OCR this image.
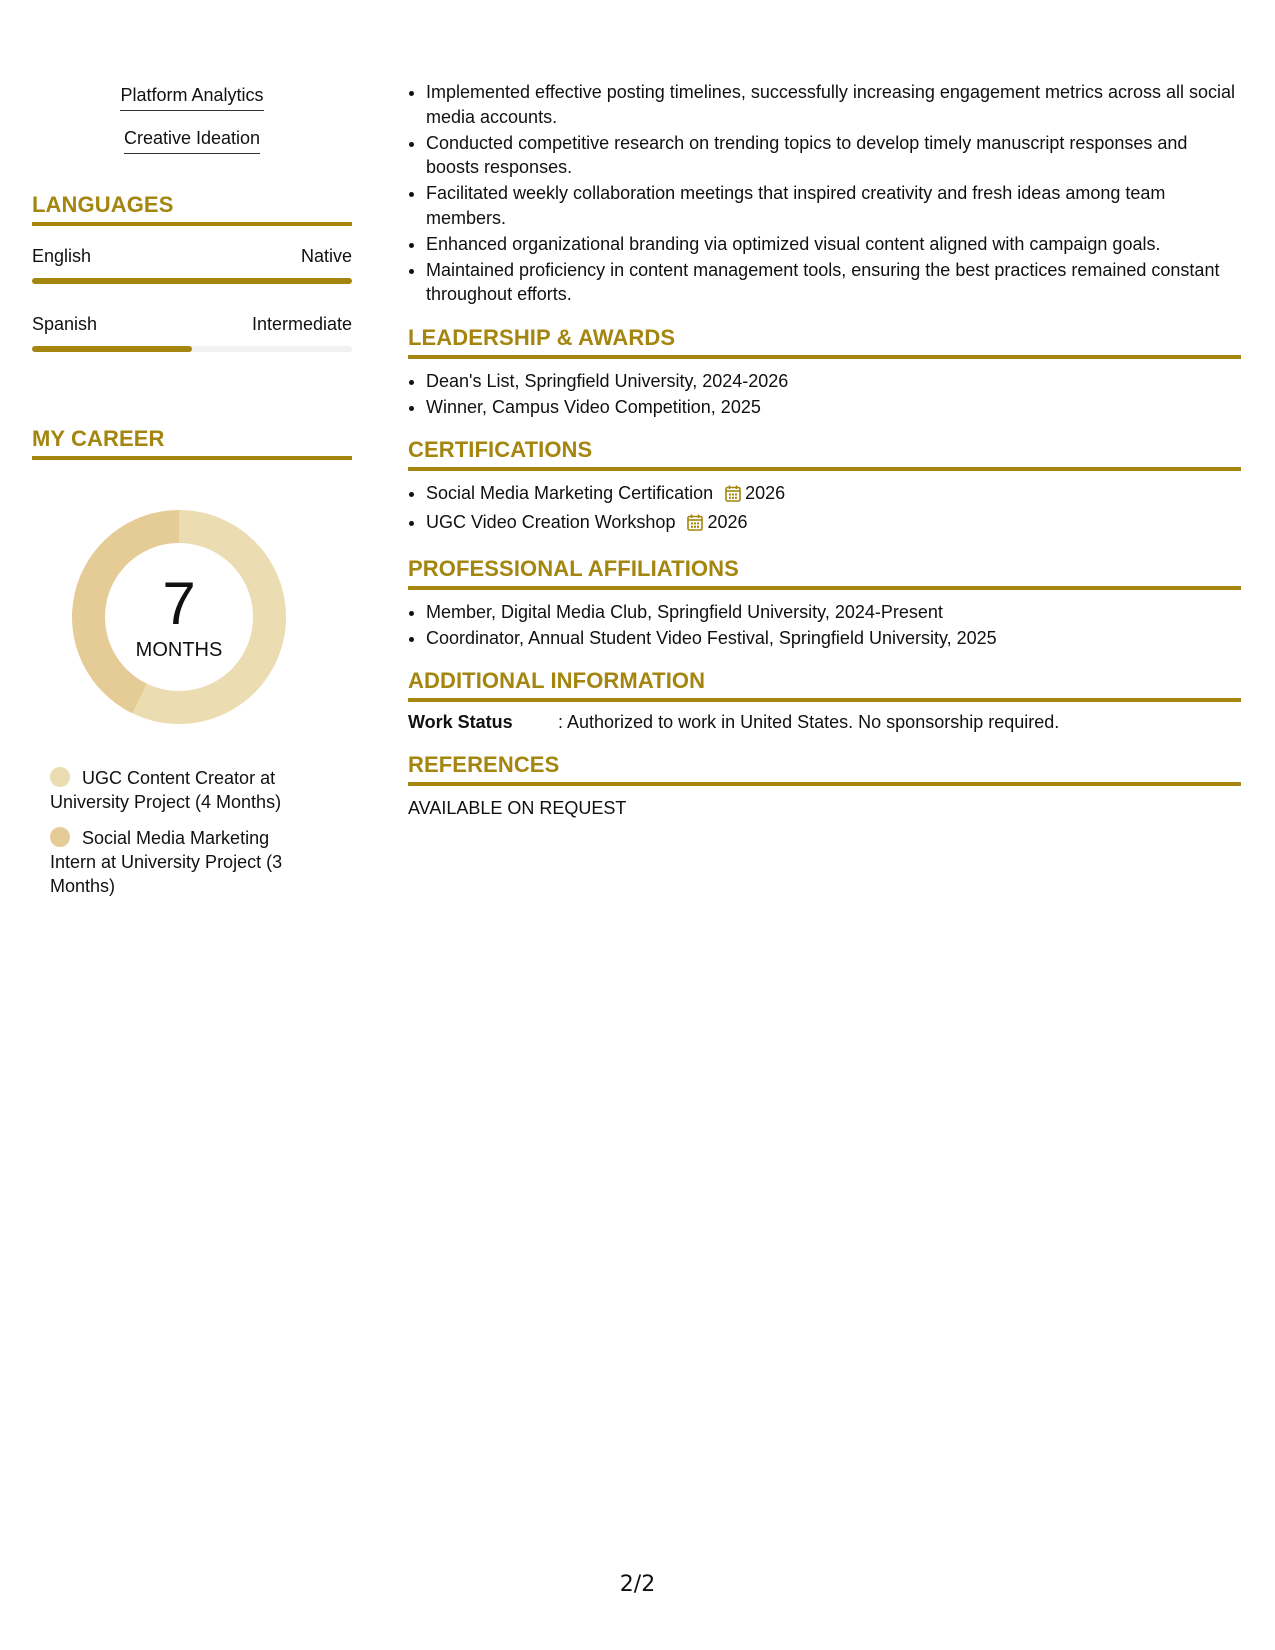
Platform Analytics
Creative Ideation
LANGUAGES
English	Native
Spanish	Intermediate
MY CAREER
7
MONTHS
UGC Content Creator at University Project (4 Months)
Social Media Marketing Intern at University Project (3 Months)
• Implemented effective posting timelines, successfully increasing engagement metrics across all social media accounts.
• Conducted competitive research on trending topics to develop timely manuscript responses and boosts responses.
• Facilitated weekly collaboration meetings that inspired creativity and fresh ideas among team members.
• Enhanced organizational branding via optimized visual content aligned with campaign goals.
• Maintained proficiency in content management tools, ensuring the best practices remained constant throughout efforts.
LEADERSHIP & AWARDS
• Dean's List, Springfield University, 2024-2026
• Winner, Campus Video Competition, 2025
CERTIFICATIONS
• Social Media Marketing Certification 2026
• UGC Video Creation Workshop 2026
PROFESSIONAL AFFILIATIONS
• Member, Digital Media Club, Springfield University, 2024-Present
• Coordinator, Annual Student Video Festival, Springfield University, 2025
ADDITIONAL INFORMATION
Work Status	: Authorized to work in United States. No sponsorship required.
REFERENCES
AVAILABLE ON REQUEST
2/2
